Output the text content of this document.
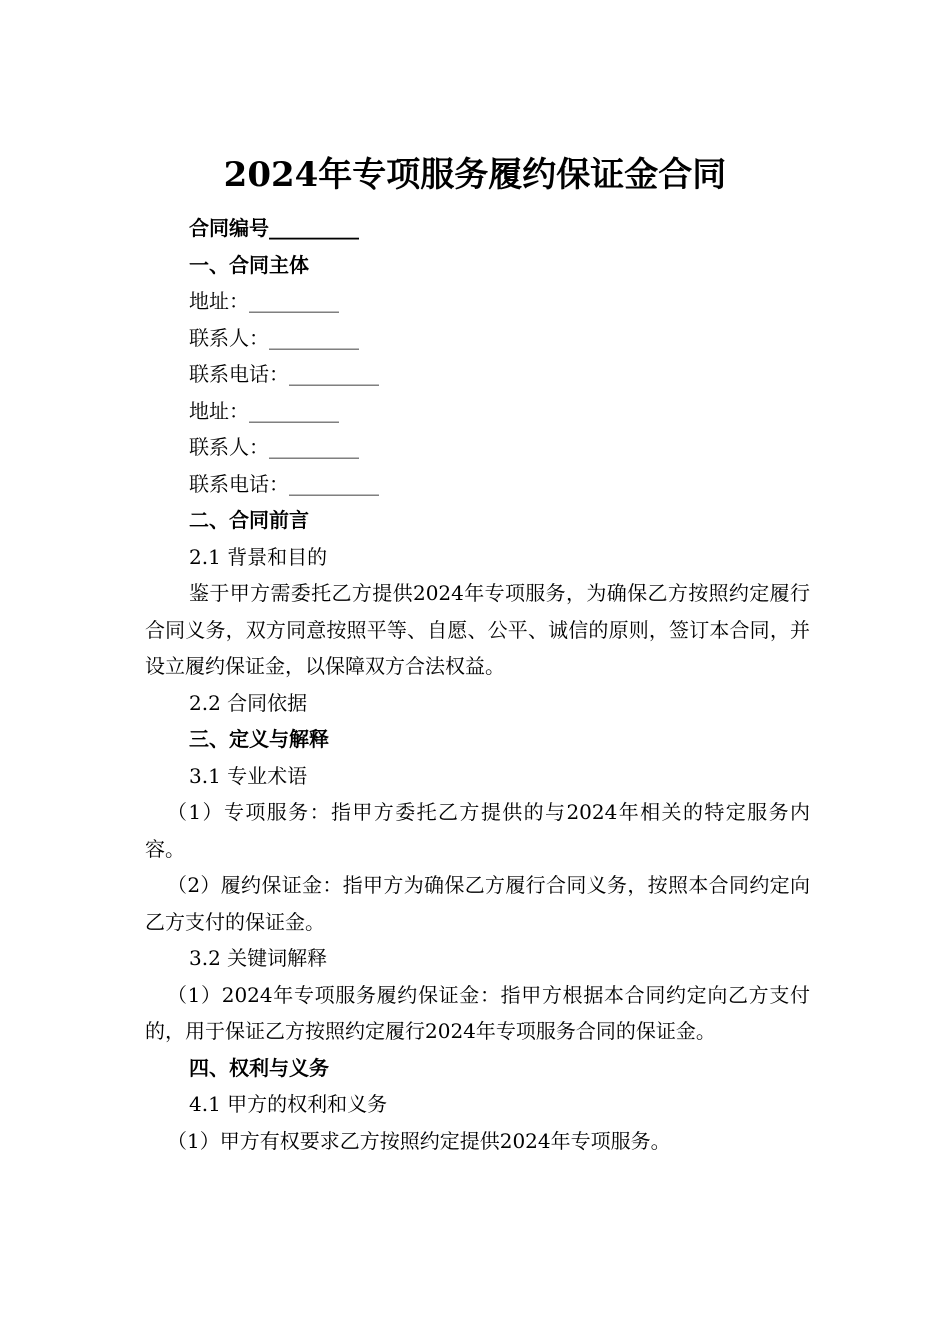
2024年专项服务履约保证金合同

合同编号_________

一、合同主体

地址：_________

联系人：_________

联系电话：_________

地址：_________

联系人：_________

联系电话：_________

二、合同前言

2.1 背景和目的

鉴于甲方需委托乙方提供2024年专项服务，为确保乙方按照约定履行合同义务，双方同意按照平等、自愿、公平、诚信的原则，签订本合同，并设立履约保证金，以保障双方合法权益。

2.2 合同依据

三、定义与解释

3.1 专业术语

（1）专项服务：指甲方委托乙方提供的与2024年相关的特定服务内容。

（2）履约保证金：指甲方为确保乙方履行合同义务，按照本合同约定向乙方支付的保证金。

3.2 关键词解释

（1）2024年专项服务履约保证金：指甲方根据本合同约定向乙方支付的，用于保证乙方按照约定履行2024年专项服务合同的保证金。

四、权利与义务

4.1 甲方的权利和义务

（1）甲方有权要求乙方按照约定提供2024年专项服务。
